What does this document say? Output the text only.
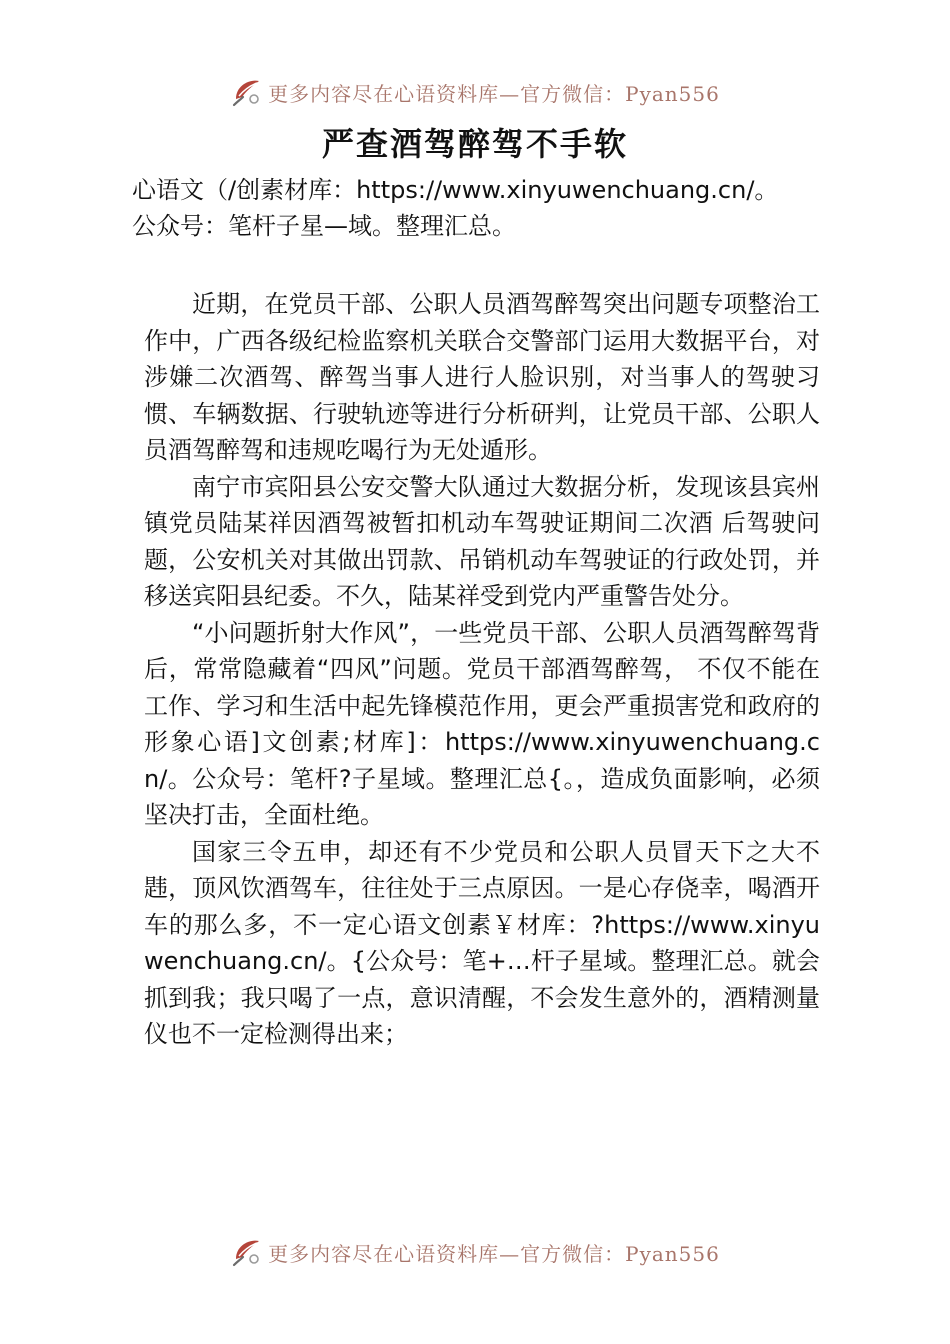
更多内容尽在心语资料库—官方微信：Pyan556
严查酒驾醉驾不手软
心语文（/创素材库：https://www.xinyuwenchuang.cn/。
公众号：笔杆子星—域。整理汇总。

近期，在党员干部、公职人员酒驾醉驾突出问题专项整治工作中，广西各级纪检监察机关联合交警部门运用大数据平台，对涉嫌二次酒驾、醉驾当事人进行人脸识别，对当事人的驾驶习惯、车辆数据、行驶轨迹等进行分析研判，让党员干部、公职人员酒驾醉驾和违规吃喝行为无处遁形。

南宁市宾阳县公安交警大队通过大数据分析，发现该县宾州镇党员陆某祥因酒驾被暂扣机动车驾驶证期间二次酒 后驾驶问题，公安机关对其做出罚款、吊销机动车驾驶证的行政处罚，并移送宾阳县纪委。不久，陆某祥受到党内严重警告处分。

“小问题折射大作风”，一些党员干部、公职人员酒驾醉驾背后，常常隐藏着“四风”问题。党员干部酒驾醉驾， 不仅不能在工作、学习和生活中起先锋模范作用，更会严重损害党和政府的形象心语]文创素;材库]：https://www.xinyuwenchuang.cn/。公众号：笔杆?子星域。整理汇总{。，造成负面影响，必须坚决打击，全面杜绝。

国家三令五申，却还有不少党员和公职人员冒天下之大不韪，顶风饮酒驾车，往往处于三点原因。一是心存侥幸，喝酒开车的那么多，不一定心语文创素￥材库：?https://www.xinyuwenchuang.cn/。{公众号：笔+…杆子星域。整理汇总。就会抓到我；我只喝了一点，意识清醒，不会发生意外的，酒精测量仪也不一定检测得出来；

更多内容尽在心语资料库—官方微信：Pyan556
